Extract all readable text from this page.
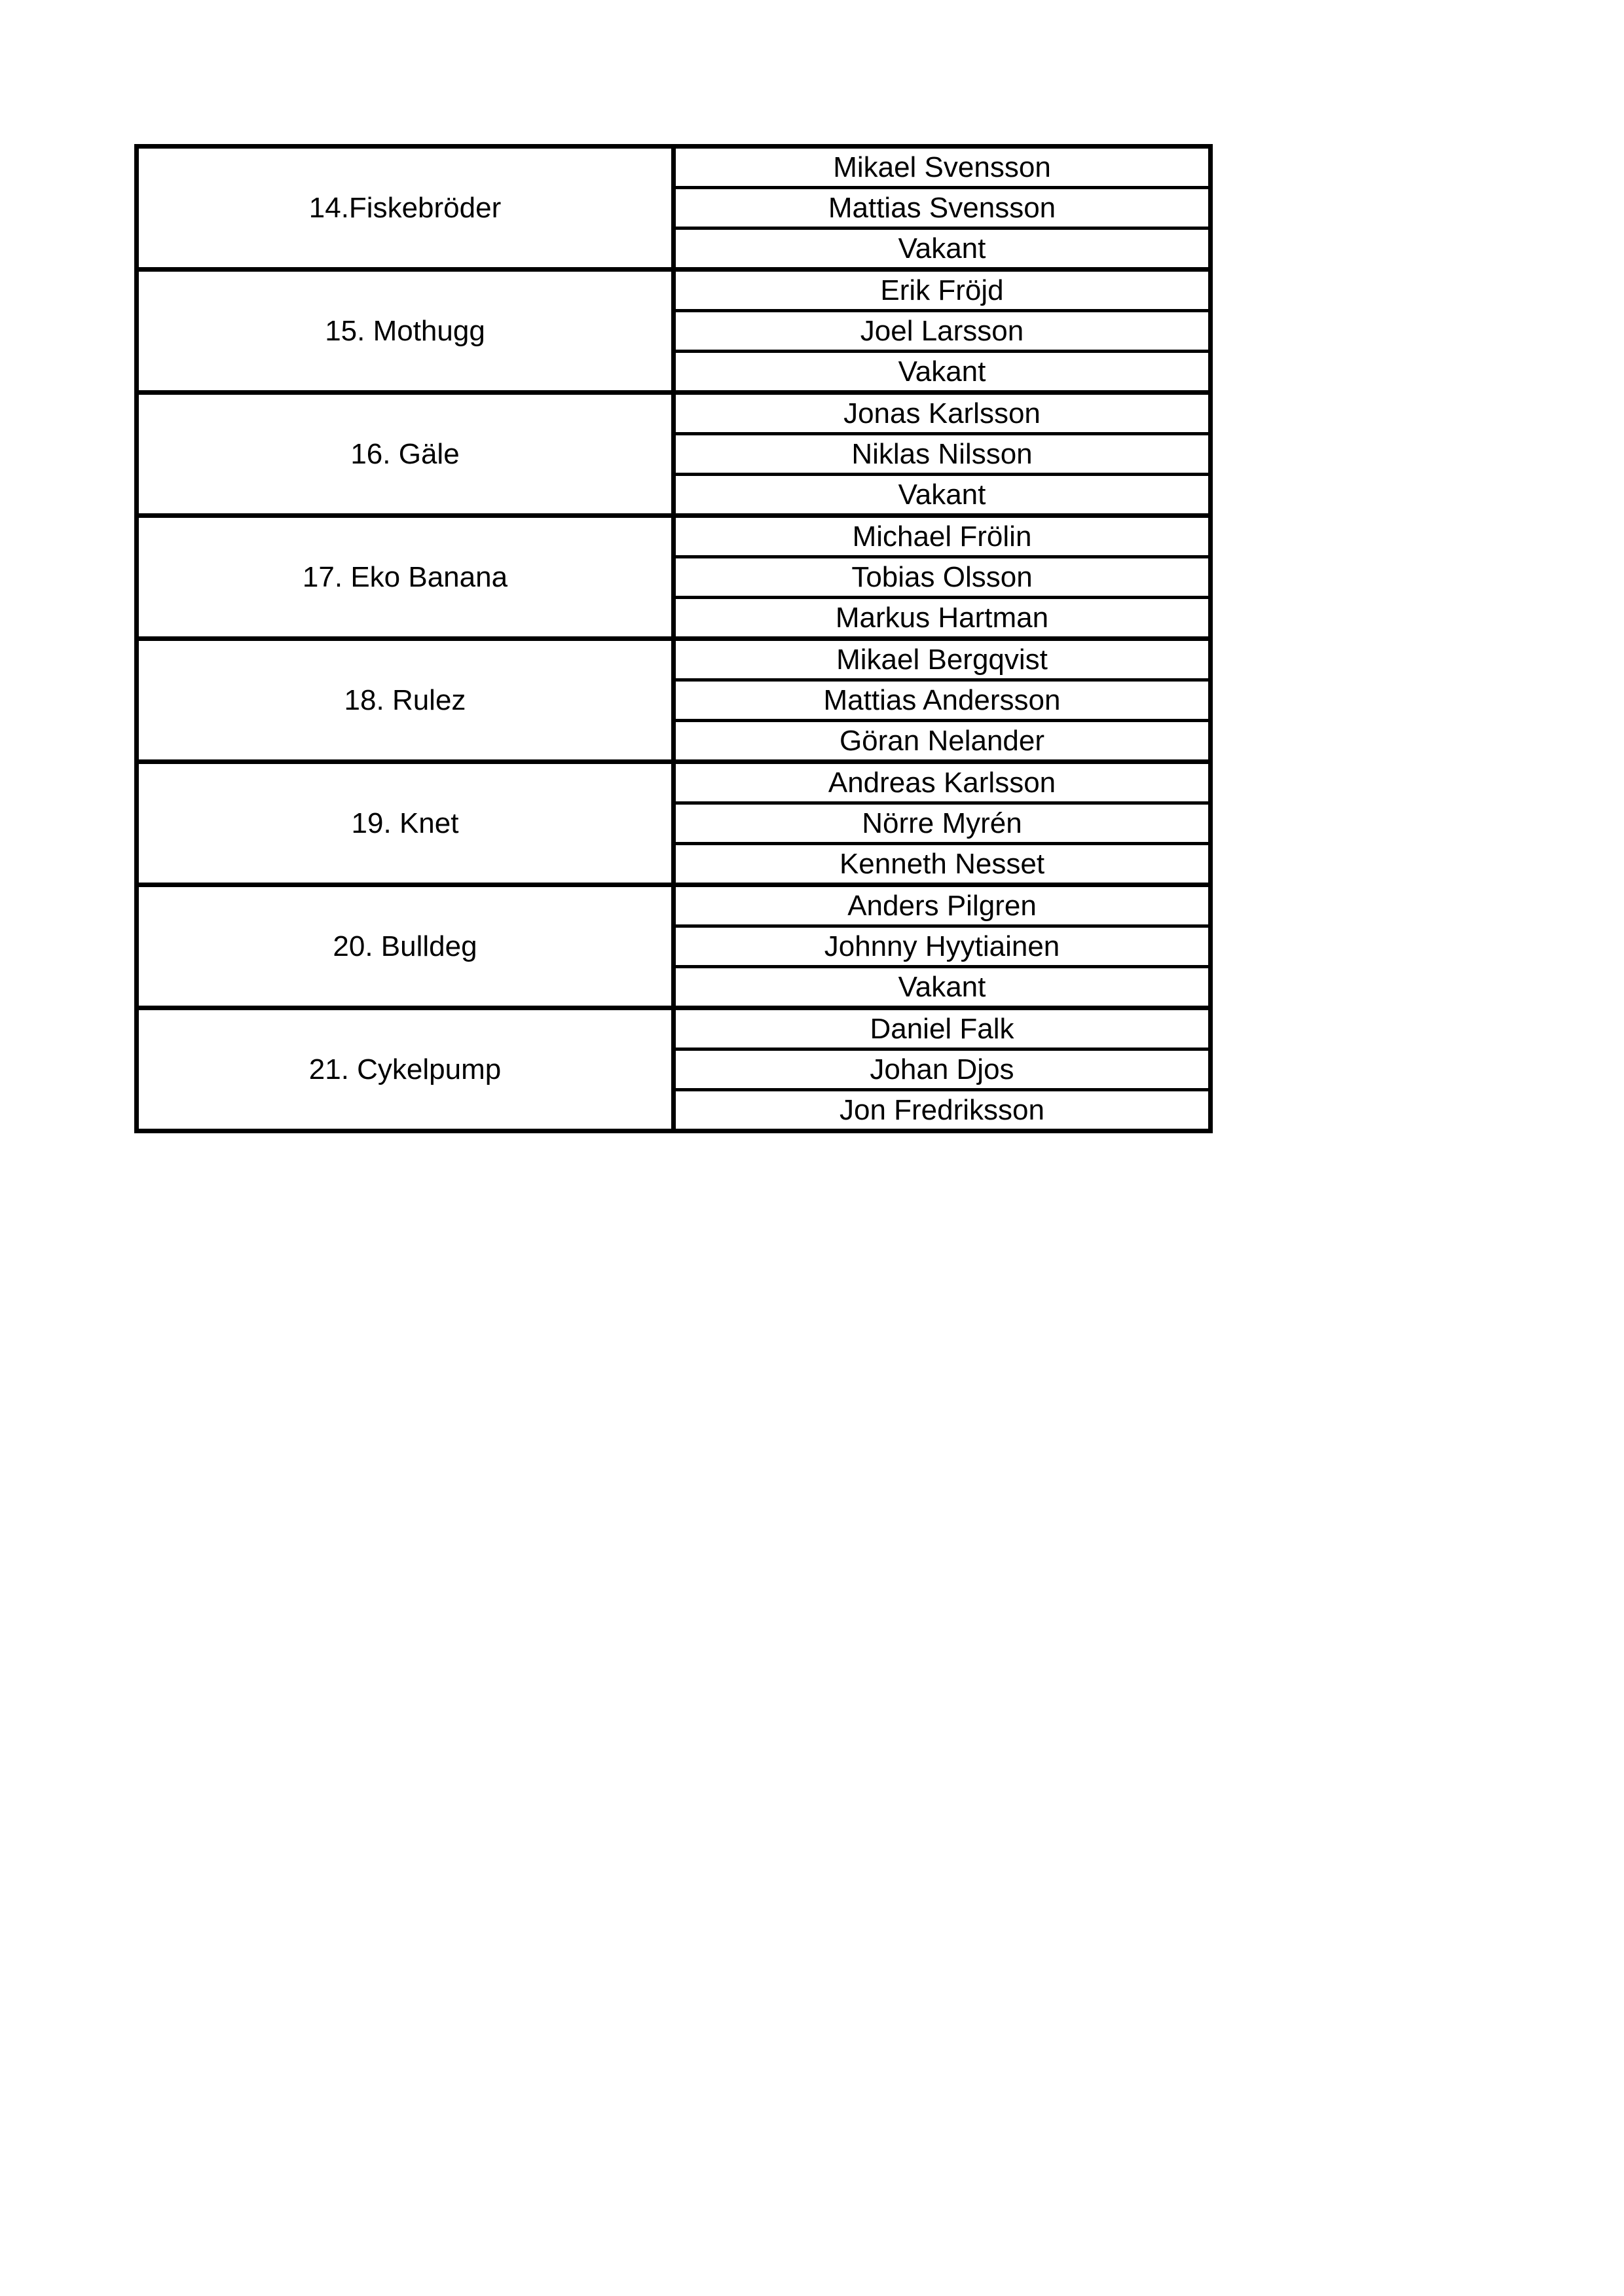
14.Fiskebröder	Mikael Svensson
	Mattias Svensson
	Vakant
15. Mothugg	Erik Fröjd
	Joel Larsson
	Vakant
16. Gäle	Jonas Karlsson
	Niklas Nilsson
	Vakant
17. Eko Banana	Michael Frölin
	Tobias Olsson
	Markus Hartman
18. Rulez	Mikael Bergqvist
	Mattias Andersson
	Göran Nelander
19. Knet	Andreas Karlsson
	Nörre Myrén
	Kenneth Nesset
20. Bulldeg	Anders Pilgren
	Johnny Hyytiainen
	Vakant
21. Cykelpump	Daniel Falk
	Johan Djos
	Jon Fredriksson
